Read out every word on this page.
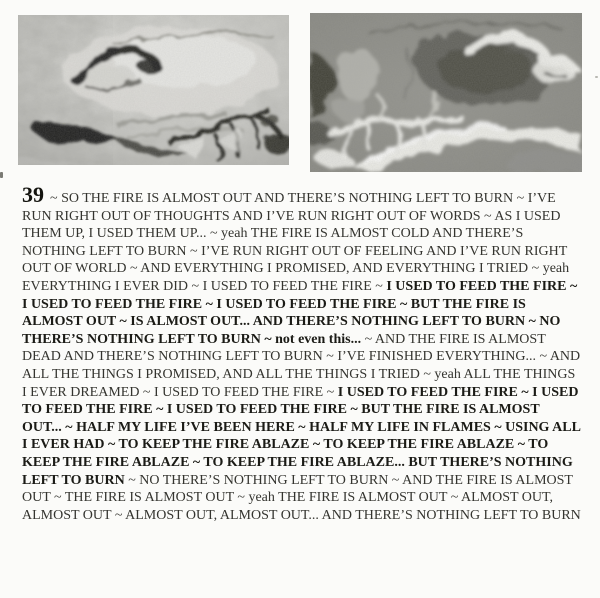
39 ~ SO THE FIRE IS ALMOST OUT AND THERE’S NOTHING LEFT TO BURN ~ I’VE RUN RIGHT OUT OF THOUGHTS AND I’VE RUN RIGHT OUT OF WORDS ~ AS I USED THEM UP, I USED THEM UP... ~ yeah THE FIRE IS ALMOST COLD AND THERE’S NOTHING LEFT TO BURN ~ I’VE RUN RIGHT OUT OF FEELING AND I’VE RUN RIGHT OUT OF WORLD ~ AND EVERYTHING I PROMISED, AND EVERYTHING I TRIED ~ yeah EVERYTHING I EVER DID ~ I USED TO FEED THE FIRE ~ I USED TO FEED THE FIRE ~ I USED TO FEED THE FIRE ~ I USED TO FEED THE FIRE ~ BUT THE FIRE IS ALMOST OUT ~ IS ALMOST OUT... AND THERE’S NOTHING LEFT TO BURN ~ NO THERE’S NOTHING LEFT TO BURN ~ not even this... ~ AND THE FIRE IS ALMOST DEAD AND THERE’S NOTHING LEFT TO BURN ~ I’VE FINISHED EVERYTHING... ~ AND ALL THE THINGS I PROMISED, AND ALL THE THINGS I TRIED ~ yeah ALL THE THINGS I EVER DREAMED ~ I USED TO FEED THE FIRE ~ I USED TO FEED THE FIRE ~ I USED TO FEED THE FIRE ~ I USED TO FEED THE FIRE ~ BUT THE FIRE IS ALMOST OUT... ~ HALF MY LIFE I’VE BEEN HERE ~ HALF MY LIFE IN FLAMES ~ USING ALL I EVER HAD ~ TO KEEP THE FIRE ABLAZE ~ TO KEEP THE FIRE ABLAZE ~ TO KEEP THE FIRE ABLAZE ~ TO KEEP THE FIRE ABLAZE... BUT THERE’S NOTHING LEFT TO BURN ~ NO THERE’S NOTHING LEFT TO BURN ~ AND THE FIRE IS ALMOST OUT ~ THE FIRE IS ALMOST OUT ~ yeah THE FIRE IS ALMOST OUT ~ ALMOST OUT, ALMOST OUT ~ ALMOST OUT, ALMOST OUT... AND THERE’S NOTHING LEFT TO BURN
